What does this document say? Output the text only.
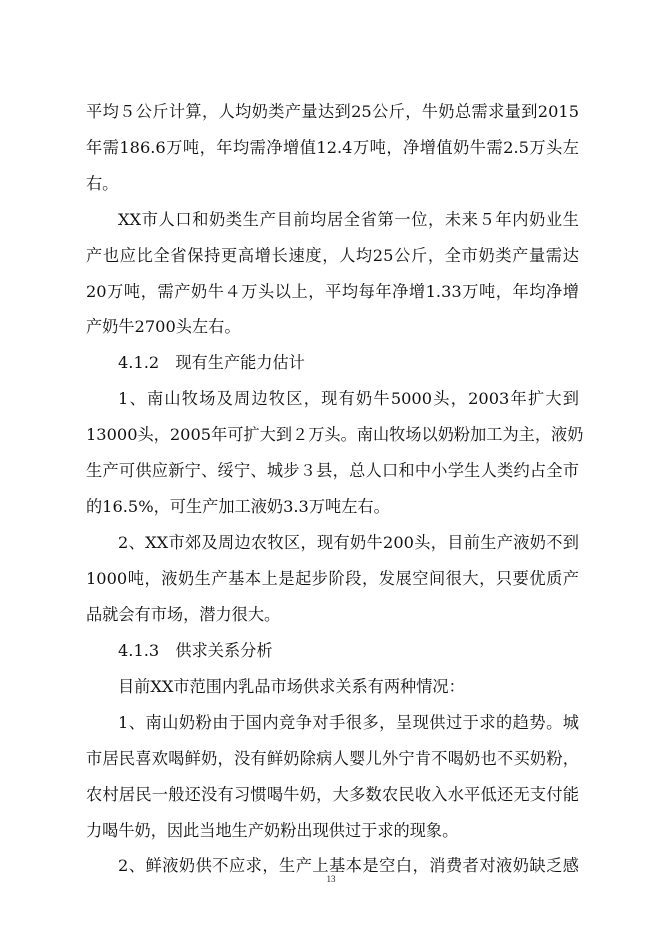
平均５公斤计算，人均奶类产量达到25公斤，牛奶总需求量到2015
年需186.6万吨，年均需净增值12.4万吨，净增值奶牛需2.5万头左
右。
XX市人口和奶类生产目前均居全省第一位，未来５年内奶业生
产也应比全省保持更高增长速度，人均25公斤，全市奶类产量需达
20万吨，需产奶牛４万头以上，平均每年净增1.33万吨，年均净增
产奶牛2700头左右。
4.1.2　现有生产能力估计
1、南山牧场及周边牧区，现有奶牛5000头，2003年扩大到
13000头，2005年可扩大到２万头。南山牧场以奶粉加工为主，液奶
生产可供应新宁、绥宁、城步３县，总人口和中小学生人类约占全市
的16.5%，可生产加工液奶3.3万吨左右。
2、XX市郊及周边农牧区，现有奶牛200头，目前生产液奶不到
1000吨，液奶生产基本上是起步阶段，发展空间很大，只要优质产
品就会有市场，潜力很大。
4.1.3　供求关系分析
目前XX市范围内乳品市场供求关系有两种情况：
1、南山奶粉由于国内竞争对手很多，呈现供过于求的趋势。城
市居民喜欢喝鲜奶，没有鲜奶除病人婴儿外宁肯不喝奶也不买奶粉，
农村居民一般还没有习惯喝牛奶，大多数农民收入水平低还无支付能
力喝牛奶，因此当地生产奶粉出现供过于求的现象。
2、鲜液奶供不应求，生产上基本是空白，消费者对液奶缺乏感
13
